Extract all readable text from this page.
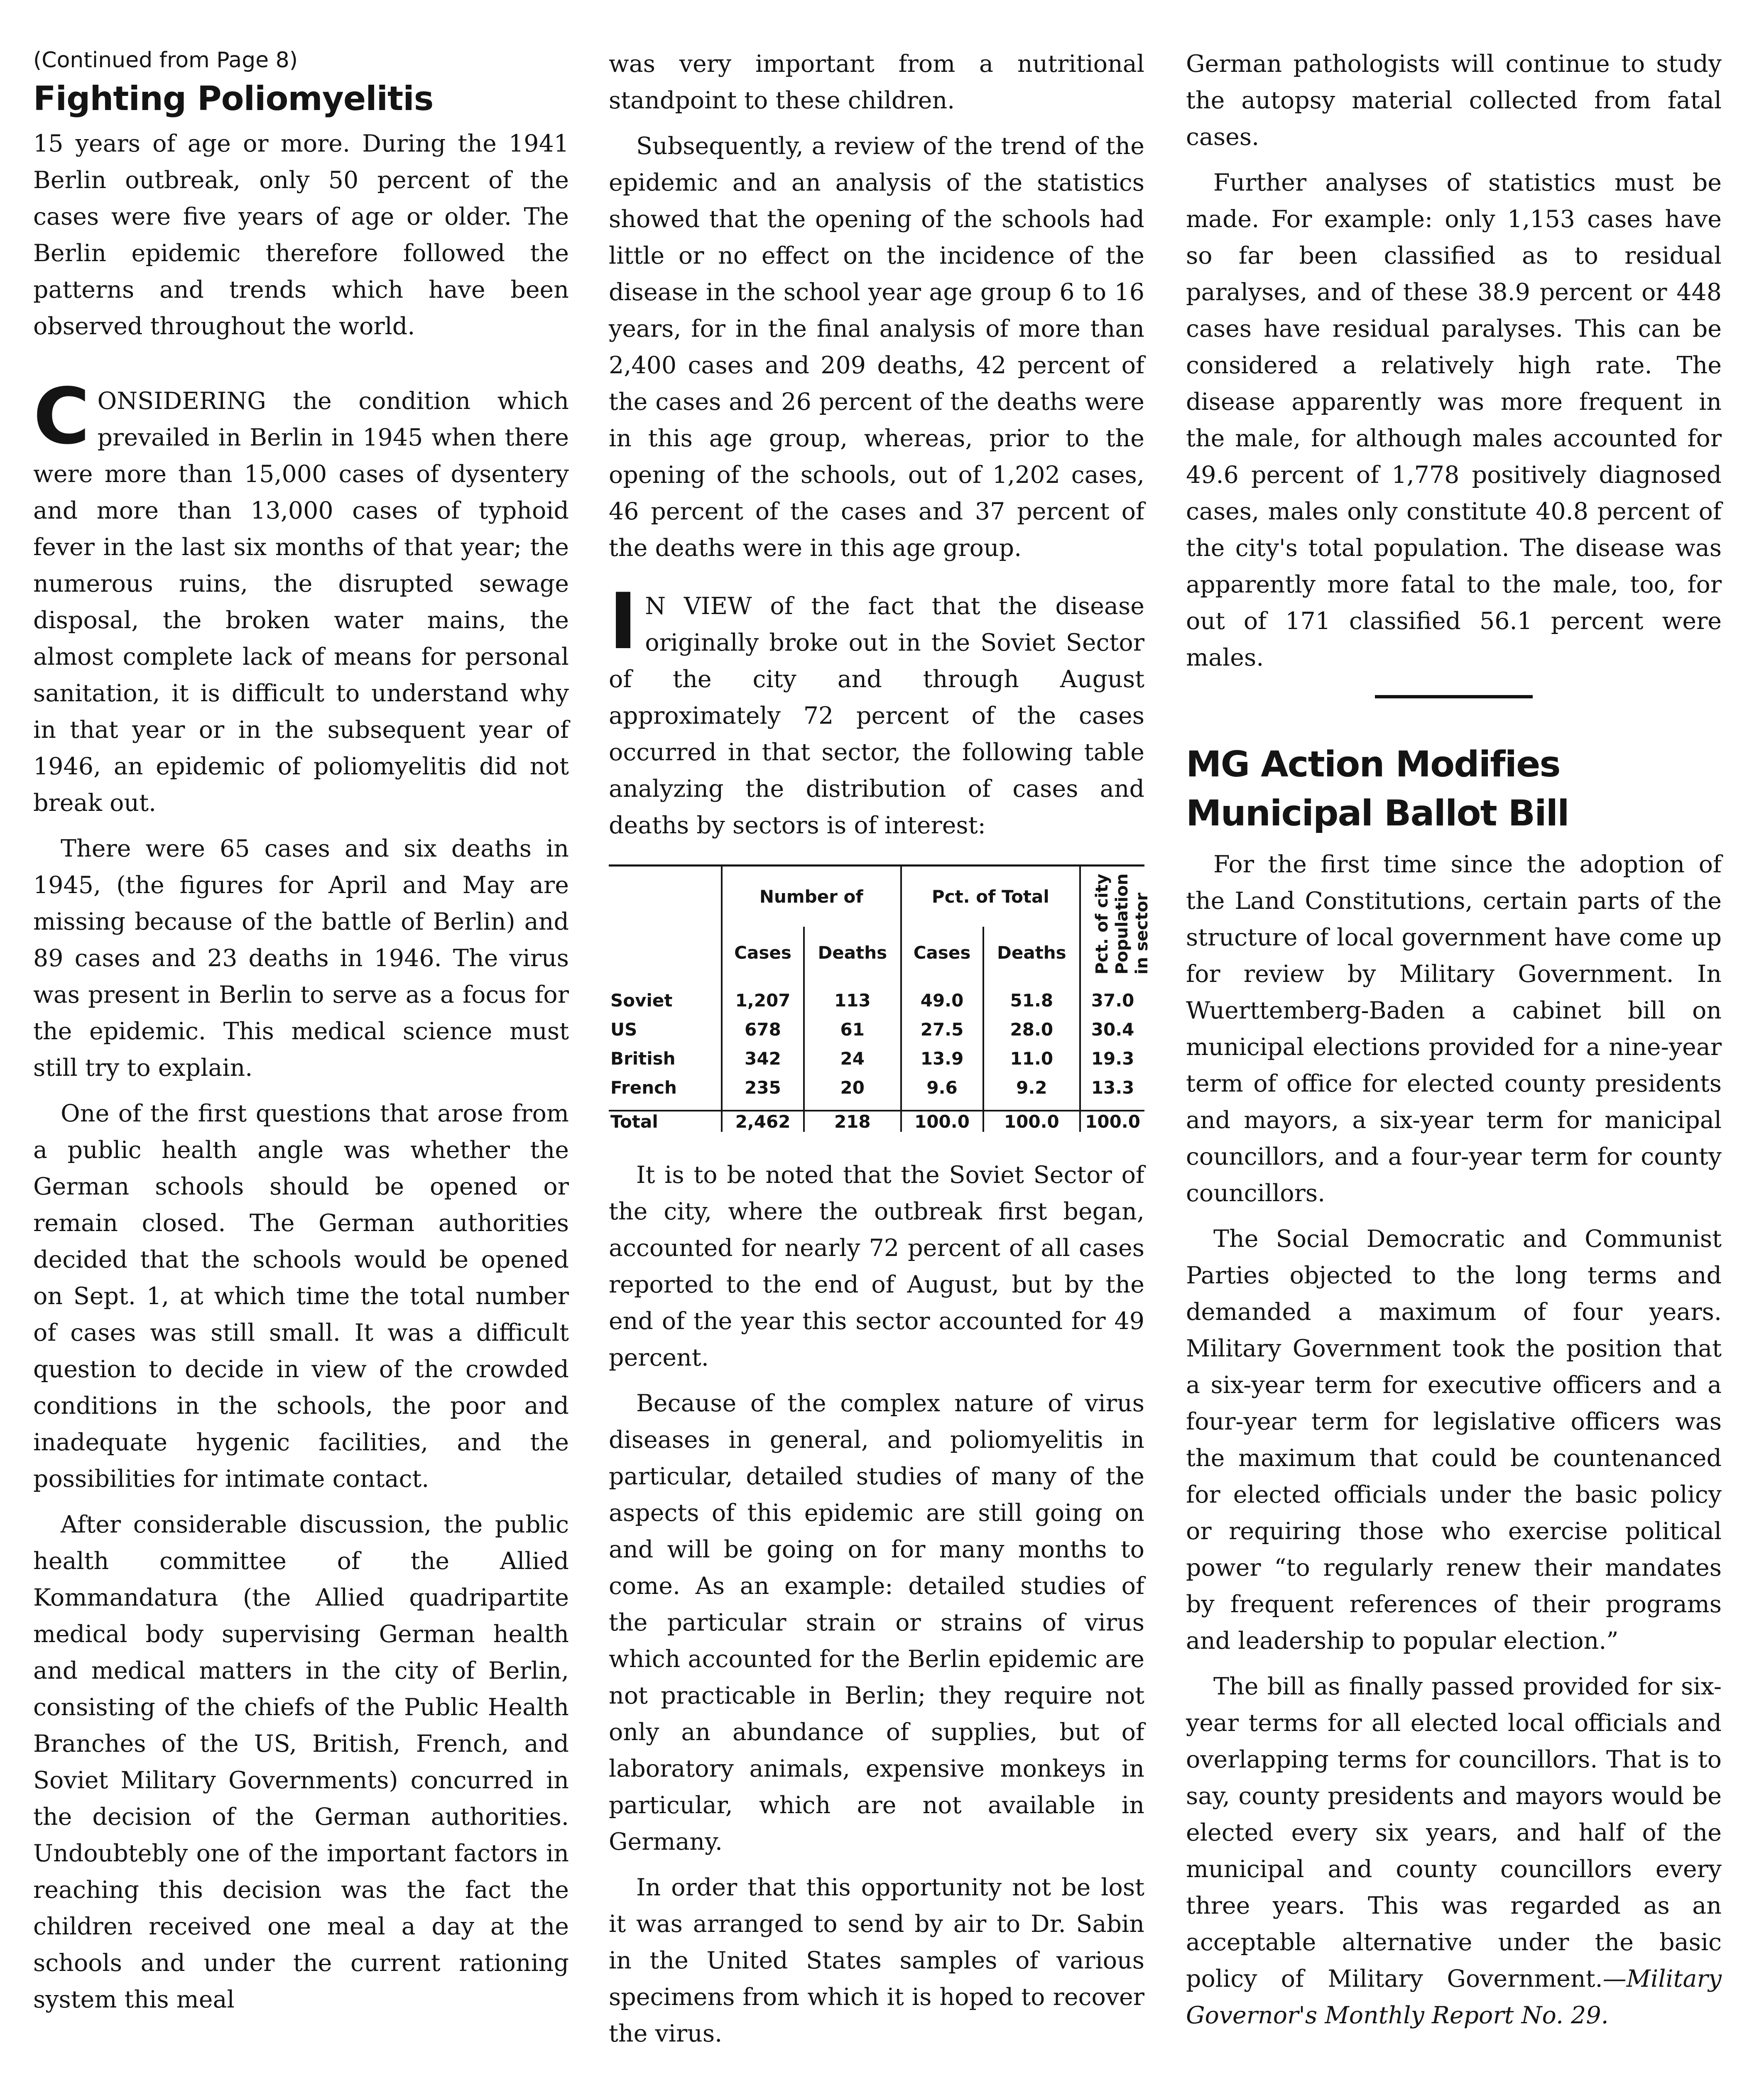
(Continued from Page 8)
Fighting Poliomyelitis

15 years of age or more. During the 1941 Berlin outbreak, only 50 percent of the cases were five years of age or older. The Berlin epidemic therefore followed the patterns and trends which have been observed throughout the world.

CONSIDERING the condition which prevailed in Berlin in 1945 when there were more than 15,000 cases of dysentery and more than 13,000 cases of typhoid fever in the last six months of that year; the numerous ruins, the disrupted sewage disposal, the broken water mains, the almost complete lack of means for personal sanitation, it is difficult to understand why in that year or in the subsequent year of 1946, an epidemic of poliomyelitis did not break out.

There were 65 cases and six deaths in 1945, (the figures for April and May are missing because of the battle of Berlin) and 89 cases and 23 deaths in 1946. The virus was present in Berlin to serve as a focus for the epidemic. This medical science must still try to explain.

One of the first questions that arose from a public health angle was whether the German schools should be opened or remain closed. The German authorities decided that the schools would be opened on Sept. 1, at which time the total number of cases was still small. It was a difficult question to decide in view of the crowded conditions in the schools, the poor and inadequate hygenic facilities, and the possibilities for intimate contact.

After considerable discussion, the public health committee of the Allied Kommandatura (the Allied quadripartite medical body supervising German health and medical matters in the city of Berlin, consisting of the chiefs of the Public Health Branches of the US, British, French, and Soviet Military Governments) concurred in the decision of the German authorities. Undoubtebly one of the important factors in reaching this decision was the fact the children received one meal a day at the schools and under the current rationing system this meal

was very important from a nutritional standpoint to these children.

Subsequently, a review of the trend of the epidemic and an analysis of the statistics showed that the opening of the schools had little or no effect on the incidence of the disease in the school year age group 6 to 16 years, for in the final analysis of more than 2,400 cases and 209 deaths, 42 percent of the cases and 26 percent of the deaths were in this age group, whereas, prior to the opening of the schools, out of 1,202 cases, 46 percent of the cases and 37 percent of the deaths were in this age group.

I N VIEW of the fact that the disease originally broke out in the Soviet Sector of the city and through August approximately 72 percent of the cases occurred in that sector, the following table analyzing the distribution of cases and deaths by sectors is of interest:

	Number of		Pct. of Total		Pct. of city Population in sector
	Cases	Deaths	Cases	Deaths	
Soviet	1,207	113	49.0	51.8	37.0
US	678	61	27.5	28.0	30.4
British	342	24	13.9	11.0	19.3
French	235	20	9.6	9.2	13.3
Total	2,462	218	100.0	100.0	100.0

It is to be noted that the Soviet Sector of the city, where the outbreak first began, accounted for nearly 72 percent of all cases reported to the end of August, but by the end of the year this sector accounted for 49 percent.

Because of the complex nature of virus diseases in general, and poliomyelitis in particular, detailed studies of many of the aspects of this epidemic are still going on and will be going on for many months to come. As an example: detailed studies of the particular strain or strains of virus which accounted for the Berlin epidemic are not practicable in Berlin; they require not only an abundance of supplies, but of laboratory animals, expensive monkeys in particular, which are not available in Germany.

In order that this opportunity not be lost it was arranged to send by air to Dr. Sabin in the United States samples of various specimens from which it is hoped to recover the virus.

German pathologists will continue to study the autopsy material collected from fatal cases.

Further analyses of statistics must be made. For example: only 1,153 cases have so far been classified as to residual paralyses, and of these 38.9 percent or 448 cases have residual paralyses. This can be considered a relatively high rate. The disease apparently was more frequent in the male, for although males accounted for 49.6 percent of 1,778 positively diagnosed cases, males only constitute 40.8 percent of the city's total population. The disease was apparently more fatal to the male, too, for out of 171 classified 56.1 percent were males.

MG Action Modifies Municipal Ballot Bill

For the first time since the adoption of the Land Constitutions, certain parts of the structure of local government have come up for review by Military Government. In Wuerttemberg-Baden a cabinet bill on municipal elections provided for a nine-year term of office for elected county presidents and mayors, a six-year term for manicipal councillors, and a four-year term for county councillors.

The Social Democratic and Communist Parties objected to the long terms and demanded a maximum of four years. Military Government took the position that a six-year term for executive officers and a four-year term for legislative officers was the maximum that could be countenanced for elected officials under the basic policy or requiring those who exercise political power “to regularly renew their mandates by frequent references of their programs and leadership to popular election.”

The bill as finally passed provided for six-year terms for all elected local officials and overlapping terms for councillors. That is to say, county presidents and mayors would be elected every six years, and half of the municipal and county councillors every three years. This was regarded as an acceptable alternative under the basic policy of Military Government.—Military Governor's Monthly Report No. 29.
